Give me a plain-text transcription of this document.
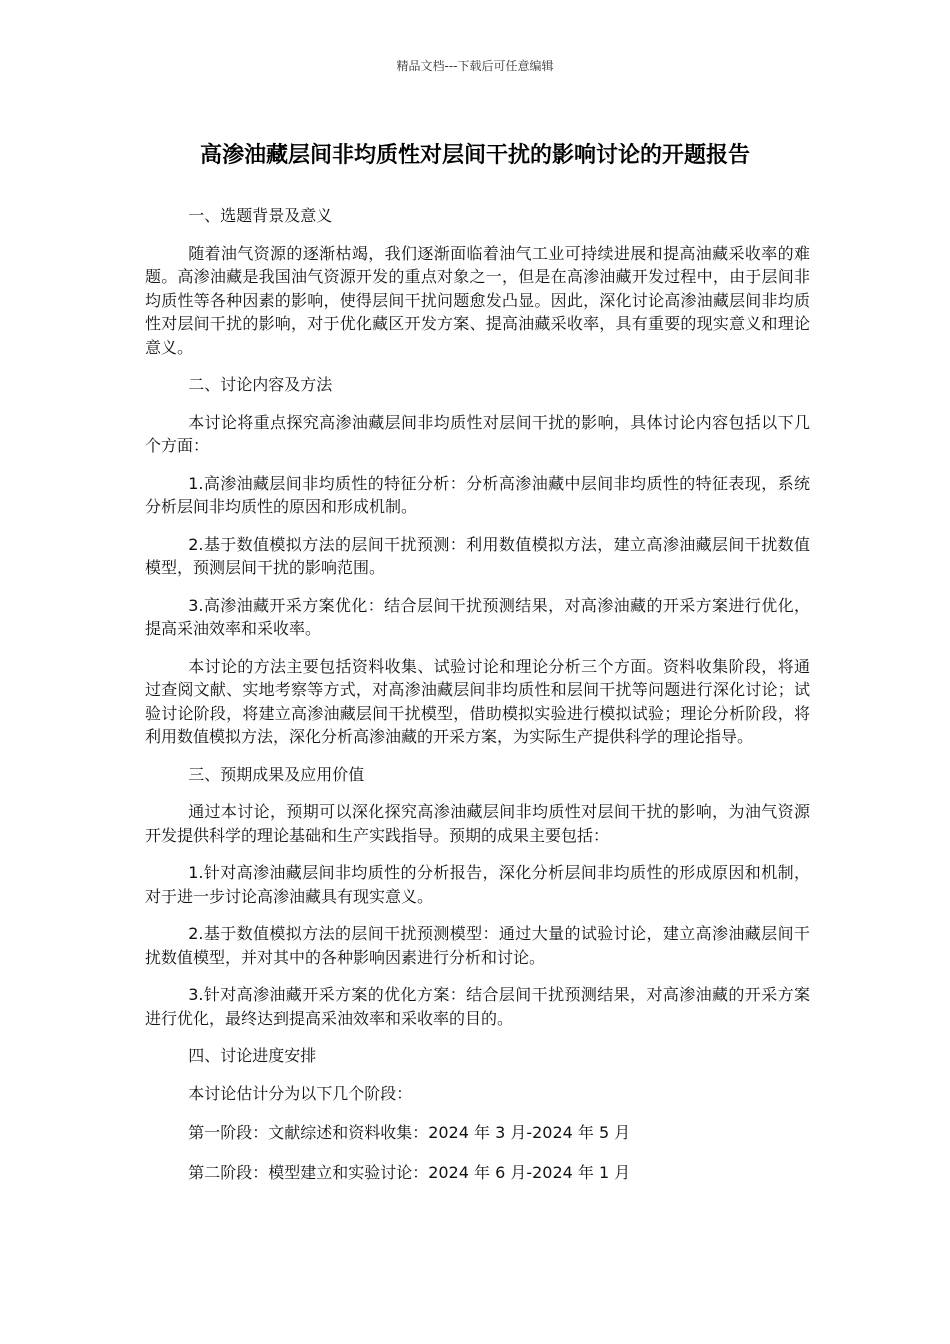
精品文档---下载后可任意编辑
高渗油藏层间非均质性对层间干扰的影响讨论的开题报告
一、选题背景及意义

随着油气资源的逐渐枯竭，我们逐渐面临着油气工业可持续进展和提高油藏采收率的难题。高渗油藏是我国油气资源开发的重点对象之一，但是在高渗油藏开发过程中，由于层间非均质性等各种因素的影响，使得层间干扰问题愈发凸显。因此，深化讨论高渗油藏层间非均质性对层间干扰的影响，对于优化藏区开发方案、提高油藏采收率，具有重要的现实意义和理论意义。

二、讨论内容及方法

本讨论将重点探究高渗油藏层间非均质性对层间干扰的影响，具体讨论内容包括以下几个方面：

1.高渗油藏层间非均质性的特征分析：分析高渗油藏中层间非均质性的特征表现，系统分析层间非均质性的原因和形成机制。

2.基于数值模拟方法的层间干扰预测：利用数值模拟方法，建立高渗油藏层间干扰数值模型，预测层间干扰的影响范围。

3.高渗油藏开采方案优化：结合层间干扰预测结果，对高渗油藏的开采方案进行优化，提高采油效率和采收率。

本讨论的方法主要包括资料收集、试验讨论和理论分析三个方面。资料收集阶段，将通过查阅文献、实地考察等方式，对高渗油藏层间非均质性和层间干扰等问题进行深化讨论；试验讨论阶段，将建立高渗油藏层间干扰模型，借助模拟实验进行模拟试验；理论分析阶段，将利用数值模拟方法，深化分析高渗油藏的开采方案，为实际生产提供科学的理论指导。

三、预期成果及应用价值

通过本讨论，预期可以深化探究高渗油藏层间非均质性对层间干扰的影响，为油气资源开发提供科学的理论基础和生产实践指导。预期的成果主要包括：

1.针对高渗油藏层间非均质性的分析报告，深化分析层间非均质性的形成原因和机制，对于进一步讨论高渗油藏具有现实意义。

2.基于数值模拟方法的层间干扰预测模型：通过大量的试验讨论，建立高渗油藏层间干扰数值模型，并对其中的各种影响因素进行分析和讨论。

3.针对高渗油藏开采方案的优化方案：结合层间干扰预测结果，对高渗油藏的开采方案进行优化，最终达到提高采油效率和采收率的目的。

四、讨论进度安排

本讨论估计分为以下几个阶段：

第一阶段：文献综述和资料收集：2024 年 3 月-2024 年 5 月

第二阶段：模型建立和实验讨论：2024 年 6 月-2024 年 1 月
